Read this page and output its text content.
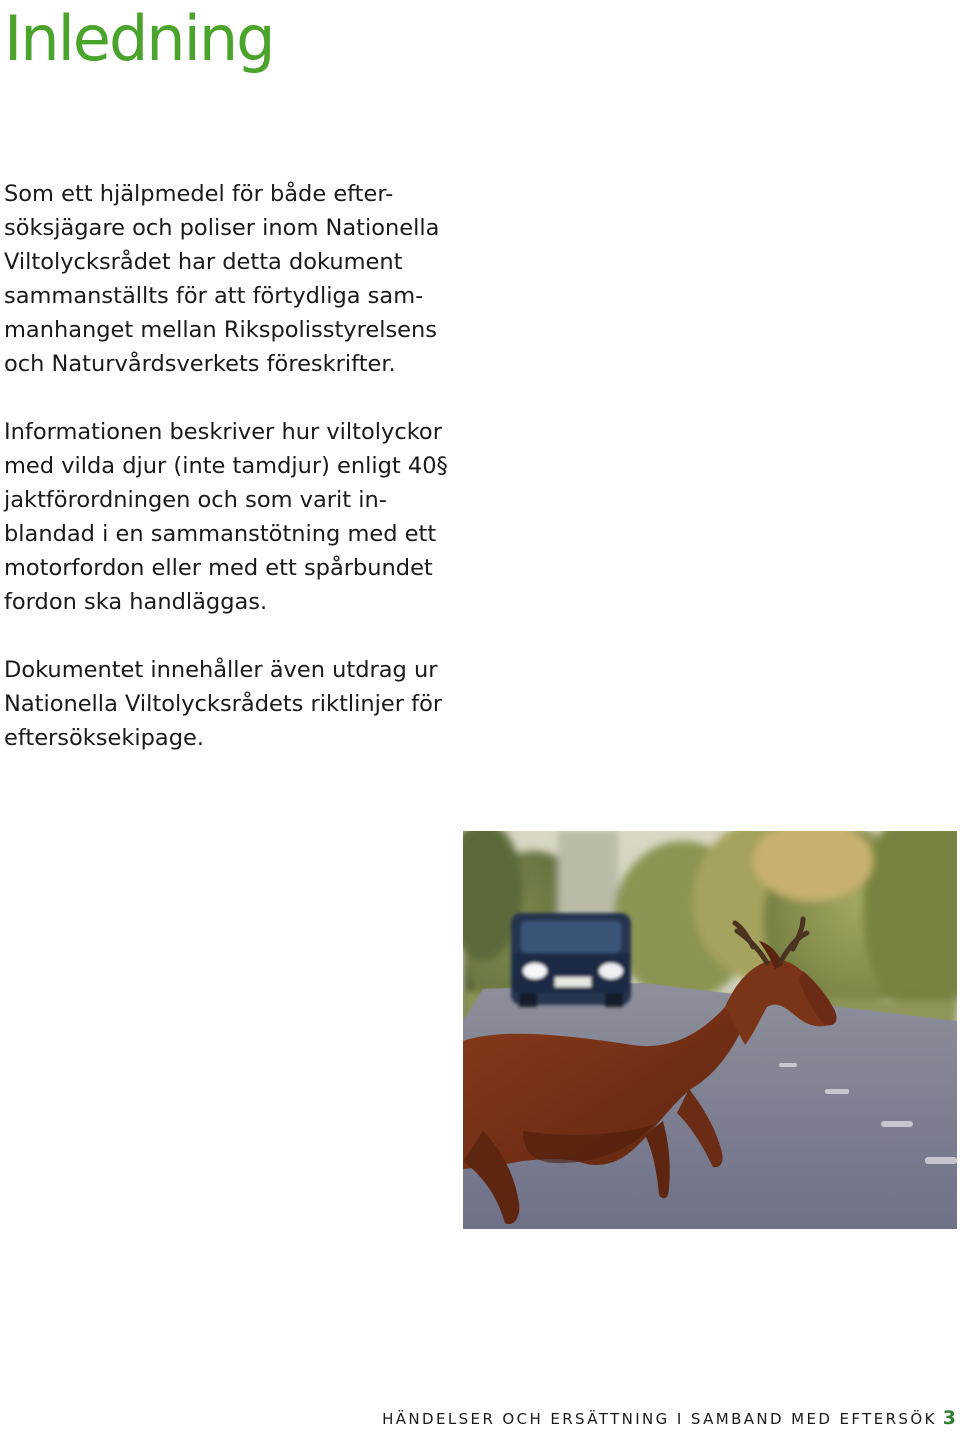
Inledning

Som ett hjälpmedel för både efter-
söksjägare och poliser inom Nationella
Viltolycksrådet har detta dokument
sammanställts för att förtydliga sam-
manhanget mellan Rikspolisstyrelsens
och Naturvårdsverkets föreskrifter.

Informationen beskriver hur viltolyckor
med vilda djur (inte tamdjur) enligt 40§
jaktförordningen och som varit in-
blandad i en sammanstötning med ett
motorfordon eller med ett spårbundet
fordon ska handläggas.

Dokumentet innehåller även utdrag ur
Nationella Viltolycksrådets riktlinjer för
eftersöksekipage.

HÄNDELSER OCH ERSÄTTNING I SAMBAND MED EFTERSÖK 3
